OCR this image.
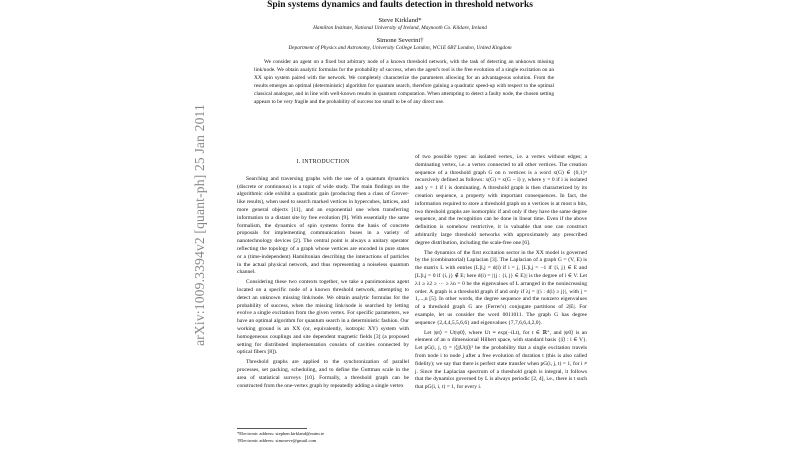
arXiv:1009.3394v2 [quant-ph] 25 Jan 2011
Spin systems dynamics and faults detection in threshold networks
Steve Kirkland*
Hamilton Institute, National University of Ireland, Maynooth Co. Kildare, Ireland
Simone Severini†
Department of Physics and Astronomy, University College London, WC1E 6BT London, United Kingdom
We consider an agent on a fixed but arbitrary node of a known threshold network, with the task of detecting an unknown missing link/node. We obtain analytic formulas for the probability of success, when the agent's tool is the free evolution of a single excitation on an XX spin system paired with the network. We completely characterize the parameters allowing for an advantageous solution. From the results emerges an optimal (deterministic) algorithm for quantum search, therefore gaining a quadratic speed-up with respect to the optimal classical analogue, and in line with well-known results in quantum computation. When attempting to detect a faulty node, the chosen setting appears to be very fragile and the probability of success too small to be of any direct use.
I. INTRODUCTION

Searching and traversing graphs with the use of a quantum dynamics (discrete or continuous) is a topic of wide study. The main findings on the algorithmic side exhibit a quadratic gain (producing then a class of Grover-like results), when used to search marked vertices in hypercubes, lattices, and more general objects [11], and an exponential one when transferring information to a distant site by free evolution [9]. With essentially the same formalism, the dynamics of spin systems forms the basis of concrete proposals for implementing communication buses in a variety of nanotechnology devices [2]. The central point is always a unitary operator reflecting the topology of a graph whose vertices are encoded in pure states or a (time-independent) Hamiltonian describing the interactions of particles in the actual physical network, and thus representing a noiseless quantum channel.

Considering these two contexts together, we take a parsimonious agent located on a specific node of a known threshold network, attempting to detect an unknown missing link/node. We obtain analytic formulas for the probability of success, when the missing link/node is searched by letting evolve a single excitation from the given vertex. For specific parameters, we have an optimal algorithm for quantum search in a deterministic fashion. Our working ground is an XX (or, equivalently, isotropic XY) system with homogeneous couplings and site dependent magnetic fields [3] (a proposed setting for distributed implementation consists of cavities connected by optical fibers [8]).

Threshold graphs are applied to the synchronization of parallel processes, set packing, scheduling, and to define the Guttman scale in the area of statistical surveys [10]. Formally, a threshold graph can be constructed from the one-vertex graph by repeatedly adding a single vertex

of two possible types: an isolated vertex, i.e. a vertex without edges; a dominating vertex, i.e. a vertex connected to all other vertices. The creation sequence of a threshold graph G on n vertices is a word x(G) ∈ {0,1}ⁿ recursively defined as follows: x(G) = x(G − i) y, where y = 0 if i is isolated and y = 1 if i is dominating. A threshold graph is then characterized by its creation sequence, a property with important consequences. In fact, the information required to store a threshold graph on n vertices is at most n bits, two threshold graphs are isomorphic if and only if they have the same degree sequence, and the recognition can be done in linear time. Even if the above definition is somehow restrictive, it is valuable that one can construct arbitrarily large threshold networks with approximately any prescribed degree distribution, including the scale-free one [6].

The dynamics of the first excitation sector in the XX model is governed by the (combinatorial) Laplacian [3]. The Laplacian of a graph G = (V, E) is the matrix L with entries [L]i,j = d(i) if i = j, [L]i,j = −1 if {i, j} ∈ E and [L]i,j = 0 if {i, j} ∉ E; here d(i) = |{j : {i, j} ∈ E}| is the degree of i ∈ V. Let λ1 ≥ λ2 ≥ ··· ≥ λn = 0 be the eigenvalues of L arranged in the nonincreasing order. A graph is a threshold graph if and only if λj = |{i : d(i) ≥ j}|, with j = 1,...,n [5]. In other words, the degree sequence and the nonzero eigenvalues of a threshold graph G are (Ferrer's) conjugate partitions of 2|E|. For example, let us consider the word 0011011. The graph G has degree sequence {2,4,4,5,5,6,6} and eigenvalues {7,7,6,6,4,2,0}.

Let |ψt⟩ = Ut|ψ0⟩, where Ut ≡ exp(−iLt), for t ∈ ℝ⁺, and |ψ0⟩ is an element of an n dimensional Hilbert space, with standard basis {|i⟩ : i ∈ V}. Let pG(i, j, t) = |⟨j|Ut|i⟩|² be the probability that a single excitation travels from node i to node j after a free evolution of duration t (this is also called fidelity); we say that there is perfect state transfer when pG(i, j, t) = 1, for i ≠ j. Since the Laplacian spectrum of a threshold graph is integral, it follows that the dynamics governed by L is always periodic [2, 4], i.e., there is t such that pG(i, i, t) = 1, for every i.

*Electronic address: stephen.kirkland@nuim.ie
†Electronic address: simoseve@gmail.com
